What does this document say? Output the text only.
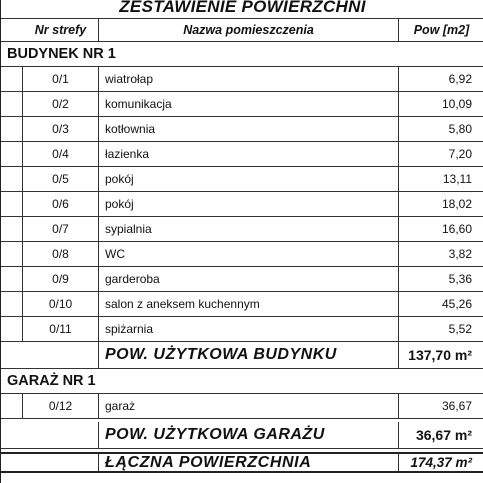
ZESTAWIENIE POWIERZCHNI
Nr strefy	Nazwa pomieszczenia	Pow [m2]
BUDYNEK NR 1
0/1	wiatrołap	6,92
0/2	komunikacja	10,09
0/3	kotłownia	5,80
0/4	łazienka	7,20
0/5	pokój	13,11
0/6	pokój	18,02
0/7	sypialnia	16,60
0/8	WC	3,82
0/9	garderoba	5,36
0/10	salon z aneksem kuchennym	45,26
0/11	spiżarnia	5,52
POW. UŻYTKOWA BUDYNKU	137,70 m²
GARAŻ NR 1
0/12	garaż	36,67
POW. UŻYTKOWA GARAŻU	36,67 m²
ŁĄCZNA POWIERZCHNIA	174,37 m²
